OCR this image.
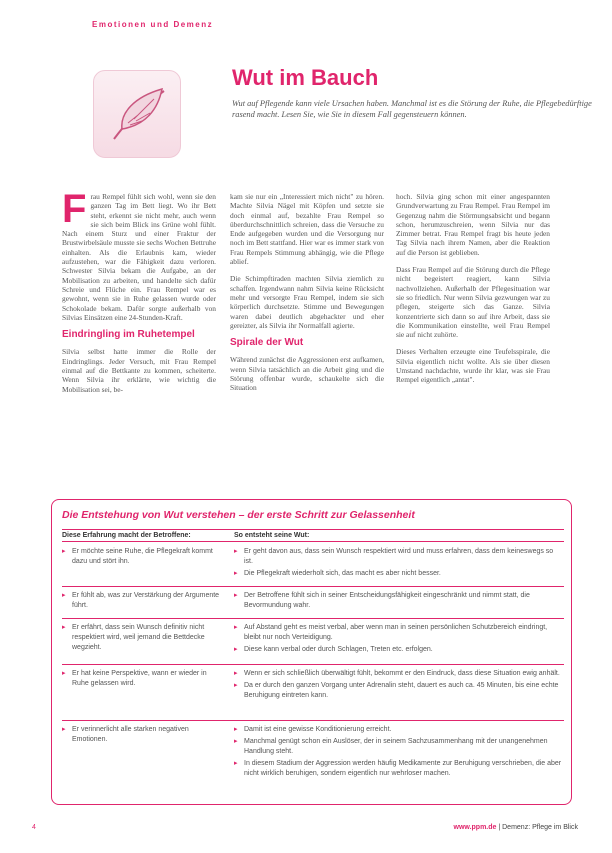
Emotionen und Demenz
Wut im Bauch
Wut auf Pflegende kann viele Ursachen haben. Manchmal ist es die Störung der Ruhe, die Pflegebedürftige rasend macht. Lesen Sie, wie Sie in diesem Fall gegensteuern können.

Frau Rempel fühlt sich wohl, wenn sie den ganzen Tag im Bett liegt. Wo ihr Bett steht, erkennt sie nicht mehr, auch wenn sie sich beim Blick ins Grüne wohl fühlt. Nach einem Sturz und einer Fraktur der Brustwirbelsäule musste sie sechs Wochen Bettruhe einhalten. Als die Erlaubnis kam, wieder aufzustehen, war die Fähigkeit dazu verloren. Schwester Silvia bekam die Aufgabe, an der Mobilisation zu arbeiten, und handelte sich dafür Schreie und Flüche ein. Frau Rempel war es gewohnt, wenn sie in Ruhe gelassen wurde oder Schokolade bekam. Dafür sorgte außerhalb von Silvias Einsätzen eine 24-Stunden-Kraft.

Eindringling im Ruhetempel

Silvia selbst hatte immer die Rolle der Eindringlings. Jeder Versuch, mit Frau Rempel einmal auf die Bettkante zu kommen, scheiterte. Wenn Silvia ihr erklärte, wie wichtig die Mobilisation sei, be-

kam sie nur ein „Interessiert mich nicht" zu hören. Machte Silvia Nägel mit Köpfen und setzte sie doch einmal auf, bezahlte Frau Rempel so überdurchschnittlich schreien, dass die Versuche zu Ende aufgegeben wurden und die Versorgung nur noch im Bett stattfand. Hier war es immer stark von Frau Rempels Stimmung abhängig, wie die Pflege ablief.

Die Schimpftiraden machten Silvia ziemlich zu schaffen. Irgendwann nahm Silvia keine Rücksicht mehr und versorgte Frau Rempel, indem sie sich körperlich durchsetzte. Stimme und Bewegungen waren dabei deutlich abgehackter und eher gereizter, als Silvia ihr Normalfall agierte.

Spirale der Wut

Während zunächst die Aggressionen erst aufkamen, wenn Silvia tatsächlich an die Arbeit ging und die Störung offenbar wurde, schaukelte sich die Situation

hoch. Silvia ging schon mit einer angespannten Grundverwartung zu Frau Rempel. Frau Rempel im Gegenzug nahm die Störmungsabsicht und begann schon, herumzuschreien, wenn Silvia nur das Zimmer betrat. Frau Rempel fragt bis heute jeden Tag Silvia nach ihrem Namen, aber die Reaktion auf die Person ist geblieben.

Dass Frau Rempel auf die Störung durch die Pflege nicht begeistert reagiert, kann Silvia nachvollziehen. Außerhalb der Pflegesituation war sie so friedlich. Nur wenn Silvia gezwungen war zu pflegen, steigerte sich das Ganze. Silvia konzentrierte sich dann so auf ihre Arbeit, dass sie die Kommunikation einstellte, weil Frau Rempel sie auf nicht zuhörte.

Dieses Verhalten erzeugte eine Teufelsspirale, die Silvia eigentlich nicht wollte. Als sie über diesen Umstand nachdachte, wurde ihr klar, was sie Frau Rempel eigentlich „antat".

Die Entstehung von Wut verstehen – der erste Schritt zur Gelassenheit
Diese Erfahrung macht der Betroffene:	So entsteht seine Wut:
▸ Er möchte seine Ruhe, die Pflegekraft kommt dazu und stört ihn.
▸ Er geht davon aus, dass sein Wunsch respektiert wird und muss erfahren, dass dem keineswegs so ist.
▸ Die Pflegekraft wiederholt sich, das macht es aber nicht besser.
▸ Er fühlt ab, was zur Verstärkung der Argumente führt.
▸ Der Betroffene fühlt sich in seiner Entscheidungsfähigkeit eingeschränkt und nimmt statt, die Bevormundung wahr.
▸ Er erfährt, dass sein Wunsch definitiv nicht respektiert wird, weil jemand die Bettdecke wegzieht.
▸ Auf Abstand geht es meist verbal, aber wenn man in seinen persönlichen Schutzbereich eindringt, bleibt nur noch Verteidigung.
▸ Diese kann verbal oder durch Schlagen, Treten etc. erfolgen.
▸ Er hat keine Perspektive, wann er wieder in Ruhe gelassen wird.
▸ Wenn er sich schließlich überwältigt fühlt, bekommt er den Eindruck, dass diese Situation ewig anhält.
▸ Da er durch den ganzen Vorgang unter Adrenalin steht, dauert es auch ca. 45 Minuten, bis eine echte Beruhigung eintreten kann.
▸ Er verinnerlicht alle starken negativen Emotionen.
▸ Damit ist eine gewisse Konditionierung erreicht.
▸ Manchmal genügt schon ein Auslöser, der in seinem Sachzusammenhang mit der unangenehmen Handlung steht.
▸ In diesem Stadium der Aggression werden häufig Medikamente zur Beruhigung verschrieben, die aber nicht wirklich beruhigen, sondern eigentlich nur wehrloser machen.
4	www.ppm.de | Demenz: Pflege im Blick
